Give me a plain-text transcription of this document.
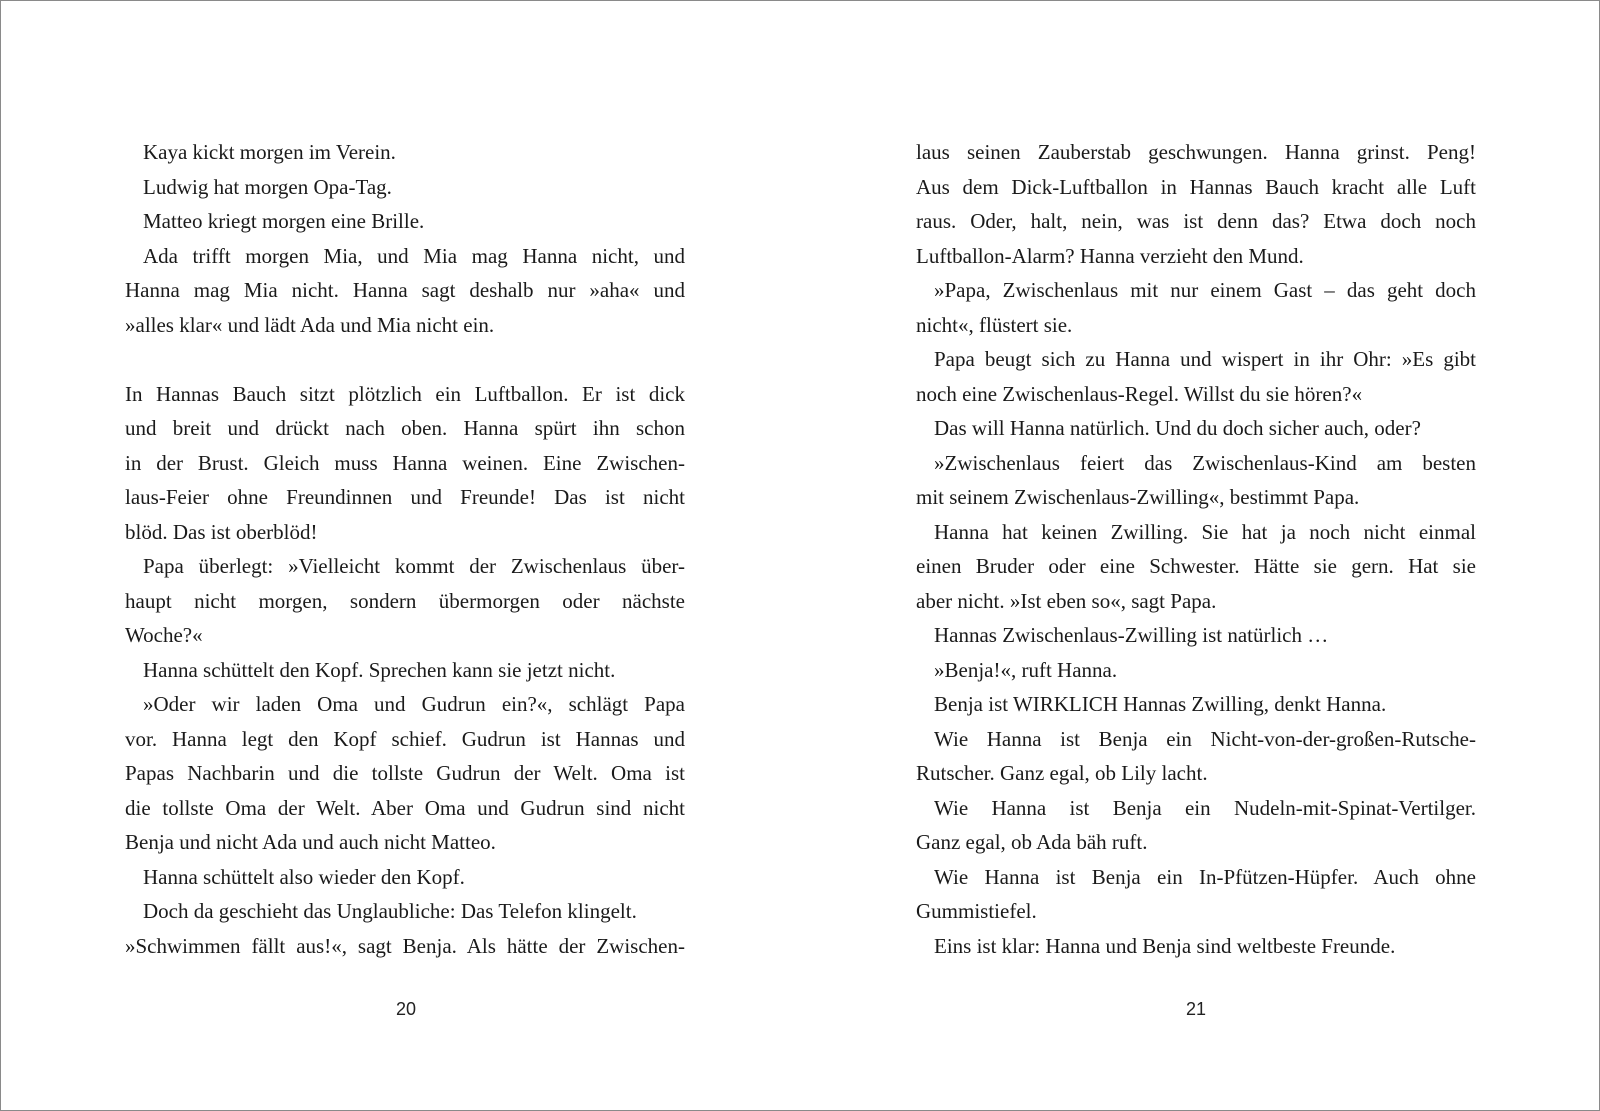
Kaya kickt morgen im Verein.
Ludwig hat morgen Opa-Tag.
Matteo kriegt morgen eine Brille.
Ada trifft morgen Mia, und Mia mag Hanna nicht, und
Hanna mag Mia nicht. Hanna sagt deshalb nur »aha« und
»alles klar« und lädt Ada und Mia nicht ein.
In Hannas Bauch sitzt plötzlich ein Luftballon. Er ist dick
und breit und drückt nach oben. Hanna spürt ihn schon
in der Brust. Gleich muss Hanna weinen. Eine Zwischen-
laus-Feier ohne Freundinnen und Freunde! Das ist nicht
blöd. Das ist oberblöd!
Papa überlegt: »Vielleicht kommt der Zwischenlaus über-
haupt nicht morgen, sondern übermorgen oder nächste
Woche?«
Hanna schüttelt den Kopf. Sprechen kann sie jetzt nicht.
»Oder wir laden Oma und Gudrun ein?«, schlägt Papa
vor. Hanna legt den Kopf schief. Gudrun ist Hannas und
Papas Nachbarin und die tollste Gudrun der Welt. Oma ist
die tollste Oma der Welt. Aber Oma und Gudrun sind nicht
Benja und nicht Ada und auch nicht Matteo.
Hanna schüttelt also wieder den Kopf.
Doch da geschieht das Unglaubliche: Das Telefon klingelt.
»Schwimmen fällt aus!«, sagt Benja. Als hätte der Zwischen-
laus seinen Zauberstab geschwungen. Hanna grinst. Peng!
Aus dem Dick-Luftballon in Hannas Bauch kracht alle Luft
raus. Oder, halt, nein, was ist denn das? Etwa doch noch
Luftballon-Alarm? Hanna verzieht den Mund.
»Papa, Zwischenlaus mit nur einem Gast – das geht doch
nicht«, flüstert sie.
Papa beugt sich zu Hanna und wispert in ihr Ohr: »Es gibt
noch eine Zwischenlaus-Regel. Willst du sie hören?«
Das will Hanna natürlich. Und du doch sicher auch, oder?
»Zwischenlaus feiert das Zwischenlaus-Kind am besten
mit seinem Zwischenlaus-Zwilling«, bestimmt Papa.
Hanna hat keinen Zwilling. Sie hat ja noch nicht einmal
einen Bruder oder eine Schwester. Hätte sie gern. Hat sie
aber nicht. »Ist eben so«, sagt Papa.
Hannas Zwischenlaus-Zwilling ist natürlich …
»Benja!«, ruft Hanna.
Benja ist WIRKLICH Hannas Zwilling, denkt Hanna.
Wie Hanna ist Benja ein Nicht-von-der-großen-Rutsche-
Rutscher. Ganz egal, ob Lily lacht.
Wie Hanna ist Benja ein Nudeln-mit-Spinat-Vertilger.
Ganz egal, ob Ada bäh ruft.
Wie Hanna ist Benja ein In-Pfützen-Hüpfer. Auch ohne
Gummistiefel.
Eins ist klar: Hanna und Benja sind weltbeste Freunde.
20	21
